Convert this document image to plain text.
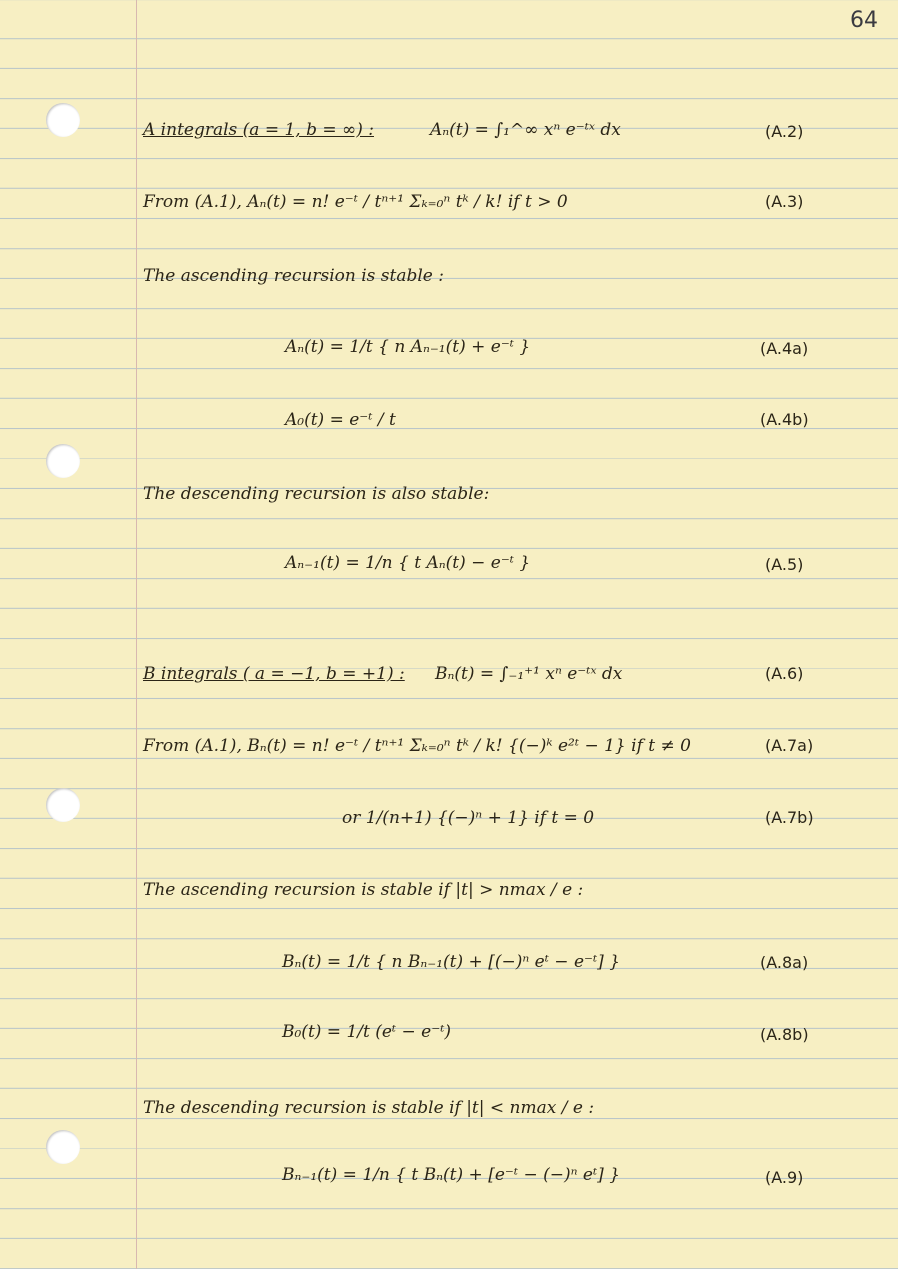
64
A integrals (a = 1, b = ∞) :	Aₙ(t) = ∫₁^∞ xⁿ e⁻ᵗˣ dx	(A.2)
From (A.1), Aₙ(t) = n! e⁻ᵗ / tⁿ⁺¹ Σₖ₌₀ⁿ tᵏ / k! if t > 0	(A.3)
The ascending recursion is stable :
Aₙ(t) = 1/t { n Aₙ₋₁(t) + e⁻ᵗ }	(A.4a)
A₀(t) = e⁻ᵗ / t	(A.4b)
The descending recursion is also stable:
Aₙ₋₁(t) = 1/n { t Aₙ(t) − e⁻ᵗ }	(A.5)
B integrals ( a = −1, b = +1) : Bₙ(t) = ∫₋₁⁺¹ xⁿ e⁻ᵗˣ dx	(A.6)
From (A.1), Bₙ(t) = n! e⁻ᵗ / tⁿ⁺¹ Σₖ₌₀ⁿ tᵏ / k! {(−)ᵏ e²ᵗ − 1} if t ≠ 0	(A.7a)
or 1/(n+1) {(−)ⁿ + 1} if t = 0	(A.7b)
The ascending recursion is stable if |t| > nmax / e :
Bₙ(t) = 1/t { n Bₙ₋₁(t) + [(−)ⁿ eᵗ − e⁻ᵗ] }	(A.8a)
B₀(t) = 1/t (eᵗ − e⁻ᵗ)	(A.8b)
The descending recursion is stable if |t| < nmax / e :
Bₙ₋₁(t) = 1/n { t Bₙ(t) + [e⁻ᵗ − (−)ⁿ eᵗ] }	(A.9)
